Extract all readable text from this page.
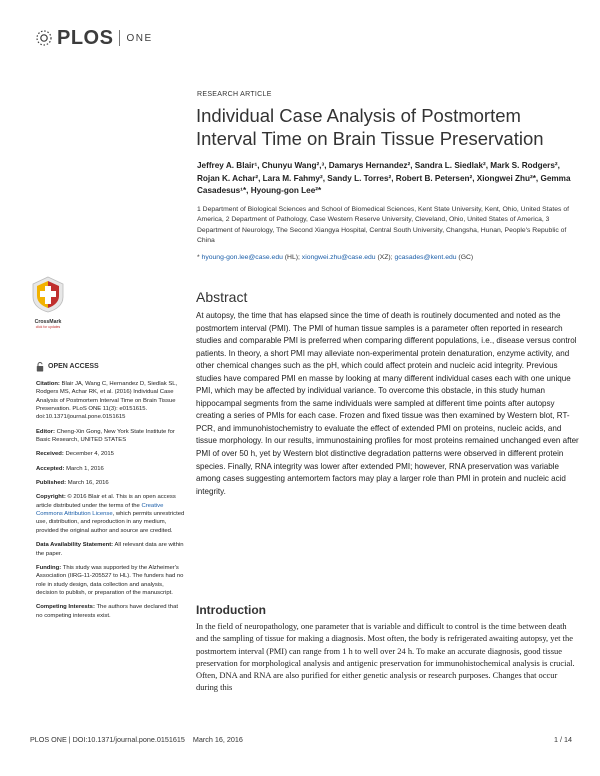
PLOS ONE
RESEARCH ARTICLE
Individual Case Analysis of Postmortem Interval Time on Brain Tissue Preservation
Jeffrey A. Blair¹, Chunyu Wang²,³, Damarys Hernandez², Sandra L. Siedlak², Mark S. Rodgers², Rojan K. Achar², Lara M. Fahmy², Sandy L. Torres², Robert B. Petersen², Xiongwei Zhu²*, Gemma Casadesus¹*, Hyoung-gon Lee²*
1 Department of Biological Sciences and School of Biomedical Sciences, Kent State University, Kent, Ohio, United States of America, 2 Department of Pathology, Case Western Reserve University, Cleveland, Ohio, United States of America, 3 Department of Neurology, The Second Xiangya Hospital, Central South University, Changsha, Hunan, People's Republic of China
* hyoung-gon.lee@case.edu (HL); xiongwei.zhu@case.edu (XZ); gcasades@kent.edu (GC)
CrossMark
click for updates
OPEN ACCESS
Citation: Blair JA, Wang C, Hernandez D, Siedlak SL, Rodgers MS, Achar RK, et al. (2016) Individual Case Analysis of Postmortem Interval Time on Brain Tissue Preservation. PLoS ONE 11(3): e0151615. doi:10.1371/journal.pone.0151615
Editor: Cheng-Xin Gong, New York State Institute for Basic Research, UNITED STATES
Received: December 4, 2015
Accepted: March 1, 2016
Published: March 16, 2016
Copyright: © 2016 Blair et al. This is an open access article distributed under the terms of the Creative Commons Attribution License, which permits unrestricted use, distribution, and reproduction in any medium, provided the original author and source are credited.
Data Availability Statement: All relevant data are within the paper.
Funding: This study was supported by the Alzheimer's Association (IIRG-11-205527 to HL). The funders had no role in study design, data collection and analysis, decision to publish, or preparation of the manuscript.
Competing Interests: The authors have declared that no competing interests exist.
Abstract
At autopsy, the time that has elapsed since the time of death is routinely documented and noted as the postmortem interval (PMI). The PMI of human tissue samples is a parameter often reported in research studies and comparable PMI is preferred when comparing different populations, i.e., disease versus control patients. In theory, a short PMI may alleviate non-experimental protein denaturation, enzyme activity, and other chemical changes such as the pH, which could affect protein and nucleic acid integrity. Previous studies have compared PMI en masse by looking at many different individual cases each with one unique PMI, which may be affected by individual variance. To overcome this obstacle, in this study human hippocampal segments from the same individuals were sampled at different time points after autopsy creating a series of PMIs for each case. Frozen and fixed tissue was then examined by Western blot, RT-PCR, and immunohistochemistry to evaluate the effect of extended PMI on proteins, nucleic acids, and tissue morphology. In our results, immunostaining profiles for most proteins remained unchanged even after PMI of over 50 h, yet by Western blot distinctive degradation patterns were observed in different protein species. Finally, RNA integrity was lower after extended PMI; however, RNA preservation was variable among cases suggesting antemortem factors may play a larger role than PMI in protein and nucleic acid integrity.
Introduction
In the field of neuropathology, one parameter that is variable and difficult to control is the time between death and the sampling of tissue for making a diagnosis. Most often, the body is refrigerated awaiting autopsy, yet the postmortem interval (PMI) can range from 1 h to well over 24 h. To make an accurate diagnosis, good tissue preservation for morphological analysis and antigenic preservation for immunohistochemical analysis is crucial. Often, DNA and RNA are also purified for either genetic analysis or research purposes. Changes that occur during this
PLOS ONE | DOI:10.1371/journal.pone.0151615    March 16, 2016	1 / 14
